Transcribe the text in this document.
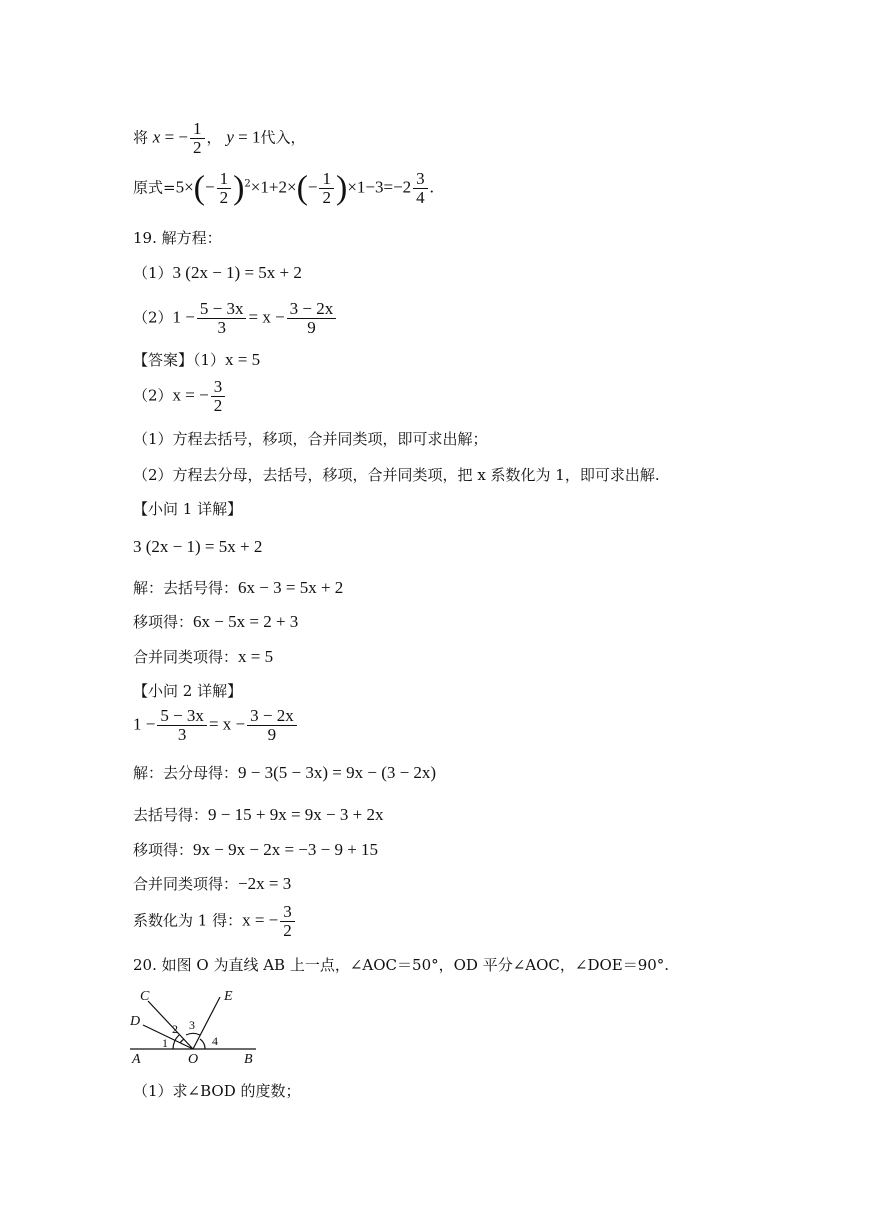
将 x = − $\frac{1}{2}$ ， y = 1代入，
原式$=5\times(- \frac{1}{2} )^2\times 1+2\times(- \frac{1}{2} )\times 1-3=-2 \frac{3}{4}$ .
19. 解方程：
（1）3 (2x − 1) = 5x + 2
$(2)1 - \frac{5 - 3x}{3} = x - \frac{3 - 2x}{9}$
【答案】（1）x = 5
（2）x = − $\frac{3}{2}$
（1）方程去括号，移项，合并同类项，即可求出解；
（2）方程去分母，去括号，移项，合并同类项，把 x 系数化为 1，即可求出解.
【小问 1 详解】
3 (2x − 1) = 5x + 2
解：去括号得：6x − 3 = 5x + 2
移项得：6x − 5x = 2 + 3
合并同类项得：x = 5
【小问 2 详解】
$1 - \frac{5 - 3x}{3} = x - \frac{3 - 2x}{9}$
解：去分母得：9 − 3(5 − 3x) = 9x − (3 − 2x)
去括号得：9 − 15 + 9x = 9x − 3 + 2x
移项得：9x − 9x − 2x = −3 − 9 + 15
合并同类项得：−2x = 3
系数化为 1 得：x = − $\frac{3}{2}$
20. 如图 O 为直线 AB 上一点，∠AOC＝50°，OD 平分∠AOC，∠DOE＝90°.
C
D
E
A	O	B
1
2 3
4
（1）求∠BOD 的度数；
